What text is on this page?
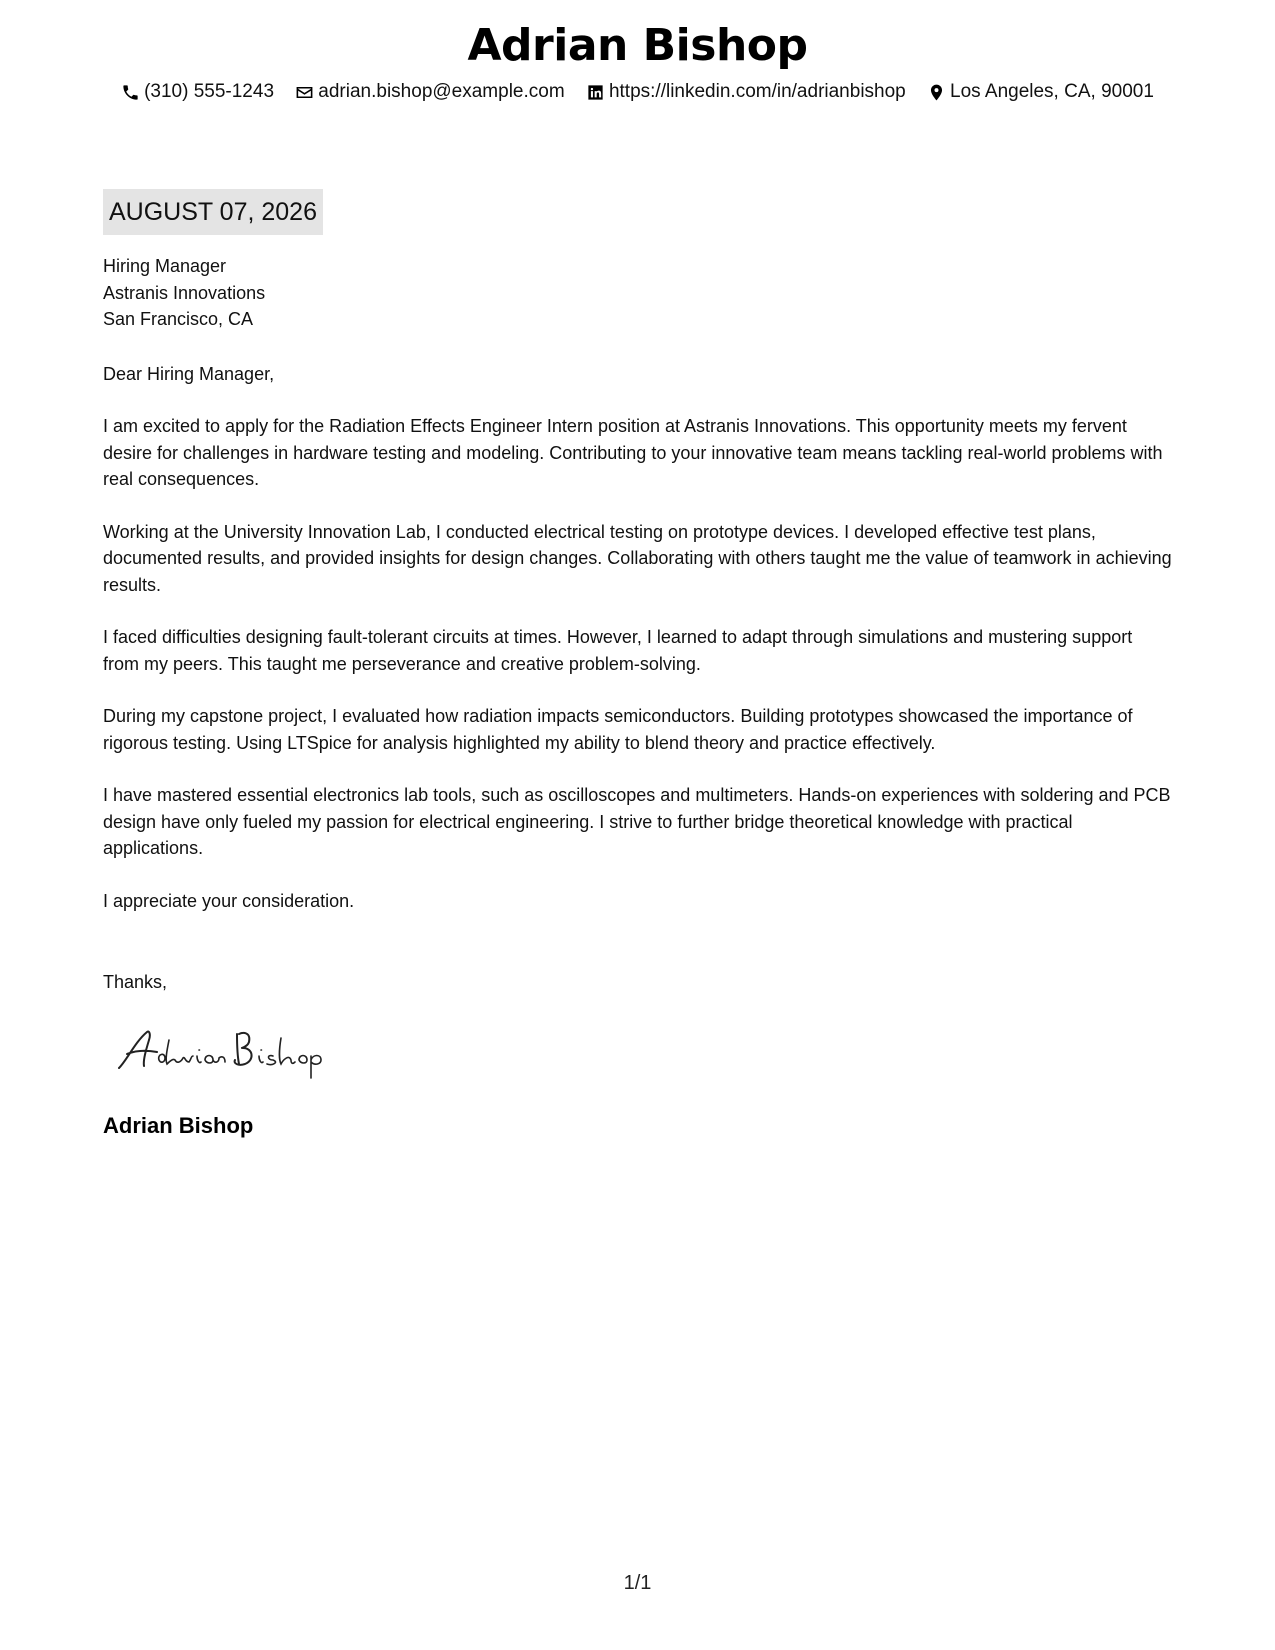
Adrian Bishop
(310) 555-1243
adrian.bishop@example.com
https://linkedin.com/in/adrianbishop
Los Angeles, CA, 90001
AUGUST 07, 2026
Hiring Manager
Astranis Innovations
San Francisco, CA
Dear Hiring Manager,

I am excited to apply for the Radiation Effects Engineer Intern position at Astranis Innovations. This opportunity meets my fervent desire for challenges in hardware testing and modeling. Contributing to your innovative team means tackling real-world problems with real consequences.

Working at the University Innovation Lab, I conducted electrical testing on prototype devices. I developed effective test plans, documented results, and provided insights for design changes. Collaborating with others taught me the value of teamwork in achieving results.

I faced difficulties designing fault-tolerant circuits at times. However, I learned to adapt through simulations and mustering support from my peers. This taught me perseverance and creative problem-solving.

During my capstone project, I evaluated how radiation impacts semiconductors. Building prototypes showcased the importance of rigorous testing. Using LTSpice for analysis highlighted my ability to blend theory and practice effectively.

I have mastered essential electronics lab tools, such as oscilloscopes and multimeters. Hands-on experiences with soldering and PCB design have only fueled my passion for electrical engineering. I strive to further bridge theoretical knowledge with practical applications.

I appreciate your consideration.

Thanks,
Adrian Bishop
1/1
